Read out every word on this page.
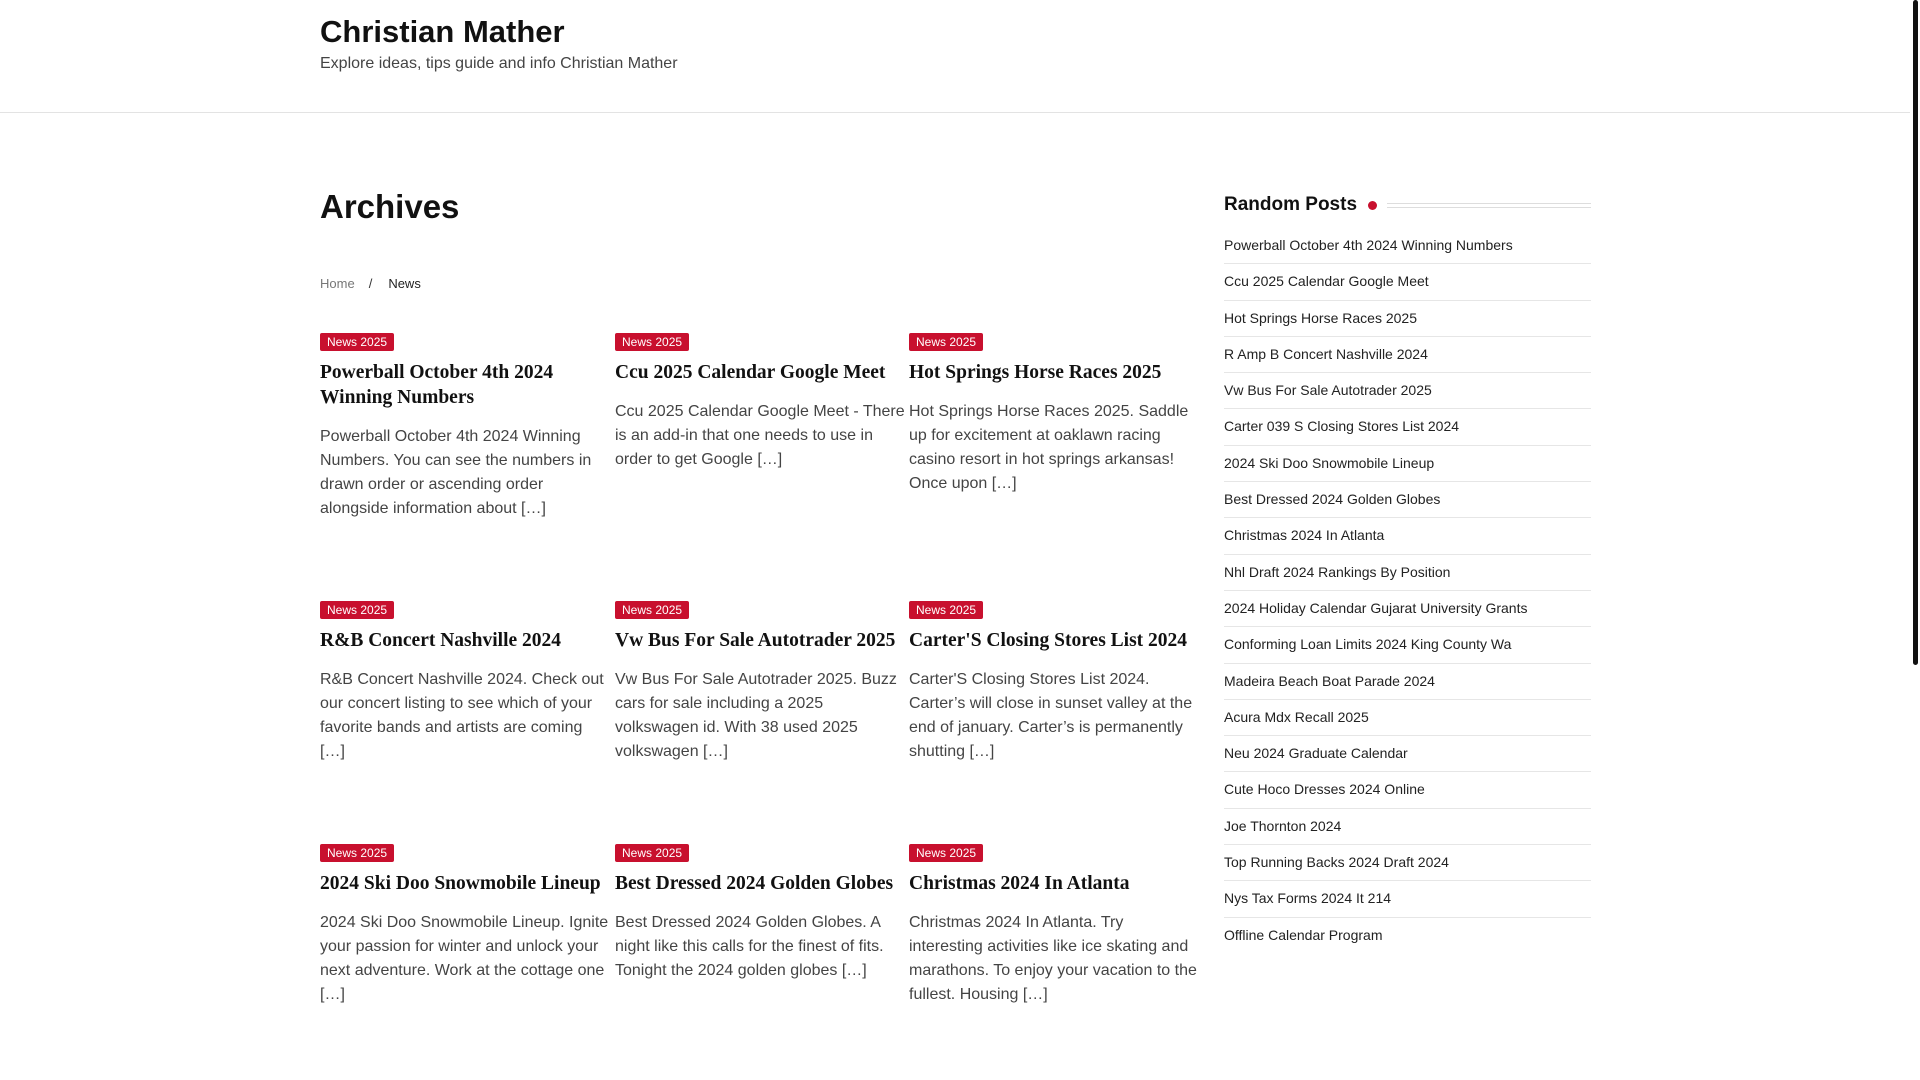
Christian Mather
Explore ideas, tips guide and info Christian Mather
Archives
Home / News
News 2025
Powerball October 4th 2024 Winning Numbers

Powerball October 4th 2024 Winning Numbers. You can see the numbers in drawn order or ascending order alongside information about […]

News 2025
Ccu 2025 Calendar Google Meet

Ccu 2025 Calendar Google Meet - There is an add-in that one needs to use in order to get Google […]

News 2025
Hot Springs Horse Races 2025

Hot Springs Horse Races 2025. Saddle up for excitement at oaklawn racing casino resort in hot springs arkansas! Once upon […]

News 2025
R&B Concert Nashville 2024

R&B Concert Nashville 2024. Check out our concert listing to see which of your favorite bands and artists are coming […]

News 2025
Vw Bus For Sale Autotrader 2025

Vw Bus For Sale Autotrader 2025. Buzz cars for sale including a 2025 volkswagen id. With 38 used 2025 volkswagen […]

News 2025
Carter'S Closing Stores List 2024

Carter'S Closing Stores List 2024. Carter’s will close in sunset valley at the end of january. Carter’s is permanently shutting […]

News 2025
2024 Ski Doo Snowmobile Lineup

2024 Ski Doo Snowmobile Lineup. Ignite your passion for winter and unlock your next adventure. Work at the cottage one […]

News 2025
Best Dressed 2024 Golden Globes

Best Dressed 2024 Golden Globes. A night like this calls for the finest of fits. Tonight the 2024 golden globes […]

News 2025
Christmas 2024 In Atlanta

Christmas 2024 In Atlanta. Try interesting activities like ice skating and marathons. To enjoy your vacation to the fullest. Housing […]

Random Posts
Powerball October 4th 2024 Winning Numbers
Ccu 2025 Calendar Google Meet
Hot Springs Horse Races 2025
R Amp B Concert Nashville 2024
Vw Bus For Sale Autotrader 2025
Carter 039 S Closing Stores List 2024
2024 Ski Doo Snowmobile Lineup
Best Dressed 2024 Golden Globes
Christmas 2024 In Atlanta
Nhl Draft 2024 Rankings By Position
2024 Holiday Calendar Gujarat University Grants
Conforming Loan Limits 2024 King County Wa
Madeira Beach Boat Parade 2024
Acura Mdx Recall 2025
Neu 2024 Graduate Calendar
Cute Hoco Dresses 2024 Online
Joe Thornton 2024
Top Running Backs 2024 Draft 2024
Nys Tax Forms 2024 It 214
Offline Calendar Program
